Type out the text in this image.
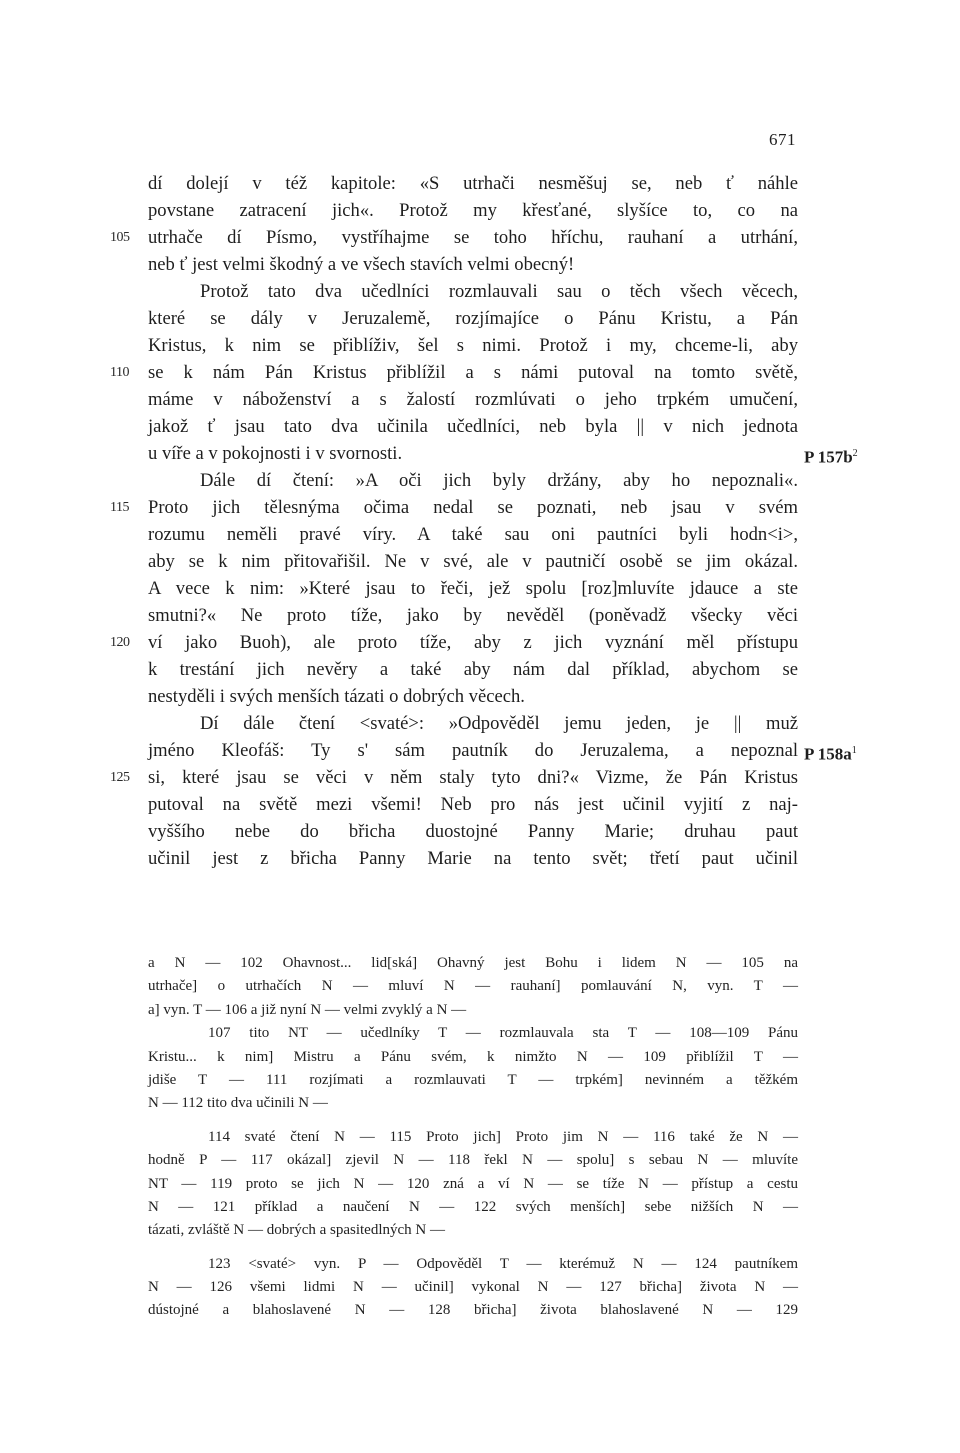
671
dí dolejí v též kapitole: «S utrhači nesměšuj se, neb ť náhle
povstane zatracení jich«. Protož my křesťané, slyšíce to, co na
105 utrhače dí Písmo, vystříhajme se toho hříchu, rauhaní a utrhání,
neb ť jest velmi škodný a ve všech stavích velmi obecný!
Protož tato dva učedlníci rozmlauvali sau o těch všech věcech,
které se dály v Jeruzalemě, rozjímajíce o Pánu Kristu, a Pán
Kristus, k nim se přiblíživ, šel s nimi. Protož i my, chceme-li, aby
110	se k nám Pán Kristus přiblížil a s námi putoval na tomto světě,
máme v náboženství a s žalostí rozmlúvati o jeho trpkém umučení,
jakož ť jsau tato dva učinila učedlníci, neb byla || v nich jednota
P $157b^2$
u víře a v pokojnosti i v svornosti.
Dále dí čtení: »A oči jich byly držány, aby ho nepoznali«.
115	Proto jich tělesnýma očima nedal se poznati, neb jsau v svém
rozumu neměli pravé víry. A také sau oni pautníci byli hodn<i>,
aby se k nim přitovařišil. Ne v své, ale v pautničí osobě se jim okázal.
A vece k nim: »Které jsau to řeči, jež spolu [roz]mluvíte jdauce a ste
smutni?« Ne proto tíže, jako by nevěděl (poněvadž všecky věci
120 ví jako Buoh), ale proto tíže, aby z jich vyznání měl přístupu
k trestání jich nevěry a také aby nám dal příklad, abychom se
nestyděli i svých menších tázati o dobrých věcech.
Dí dále čtení <svaté>: »Odpověděl jemu jeden, je || muž
P $158a^1$
jméno Kleofáš: Ty s' sám pautník do Jeruzalema, a nepoznal
125 si, které jsau se věci v něm staly tyto dni?« Vizme, že Pán Kristus
putoval na světě mezi všemi! Neb pro nás jest učinil vyjití z naj-
vyššího nebe do břicha duostojné Panny Marie; druhau paut
učinil jest z břicha Panny Marie na tento svět; třetí paut učinil
a N — 102 Ohavnost... lid[ská] Ohavný jest Bohu i lidem N — 105 na
utrhače] o utrhačích N — mluví N — rauhaní] pomlauvání N, vyn. T —
a] vyn. T — 106 a již nyní N — velmi zvyklý a N —
107 tito NT — učedlníky T — rozmlauvala sta T — 108—109 Pánu
Kristu... k nim] Mistru a Pánu svém, k nimžto N — 109 přiblížil T —
jdiše T — 111 rozjímati a rozmlauvati T — trpkém] nevinném a těžkém
N — 112 tito dva učinili N —
114 svaté čtení N — 115 Proto jich] Proto jim N — 116 také že N —
hodně P — 117 okázal] zjevil N — 118 řekl N — spolu] s sebau N — mluvíte
NT — 119 proto se jich N — 120 zná a ví N — se tíže N — přístup a cestu
N — 121 příklad a naučení N — 122 svých menších] sebe nižších N —
tázati, zvláště N — dobrých a spasitedlných N —
123 <svaté> vyn. P — Odpověděl T — kterémuž N — 124 pautníkem
N — 126 všemi lidmi N — učinil] vykonal N — 127 břicha] života N —
dústojné a blahoslavené N — 128 břicha] života blahoslavené N — 129
